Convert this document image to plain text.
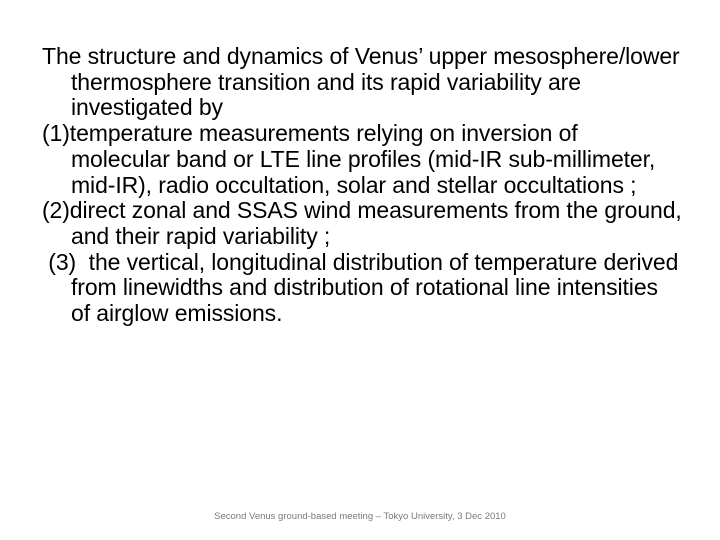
The structure and dynamics of Venus’ upper mesosphere/lower thermosphere transition and its rapid variability are investigated by

(1)temperature measurements relying on inversion of molecular band or LTE line profiles (mid-IR sub-millimeter, mid-IR), radio occultation, solar and stellar occultations ;

(2)direct zonal and SSAS wind measurements from the ground, and their rapid variability ;

(3)  the vertical, longitudinal distribution of temperature derived from linewidths and distribution of rotational line intensities of airglow emissions.

Second Venus ground-based meeting – Tokyo University, 3 Dec 2010
